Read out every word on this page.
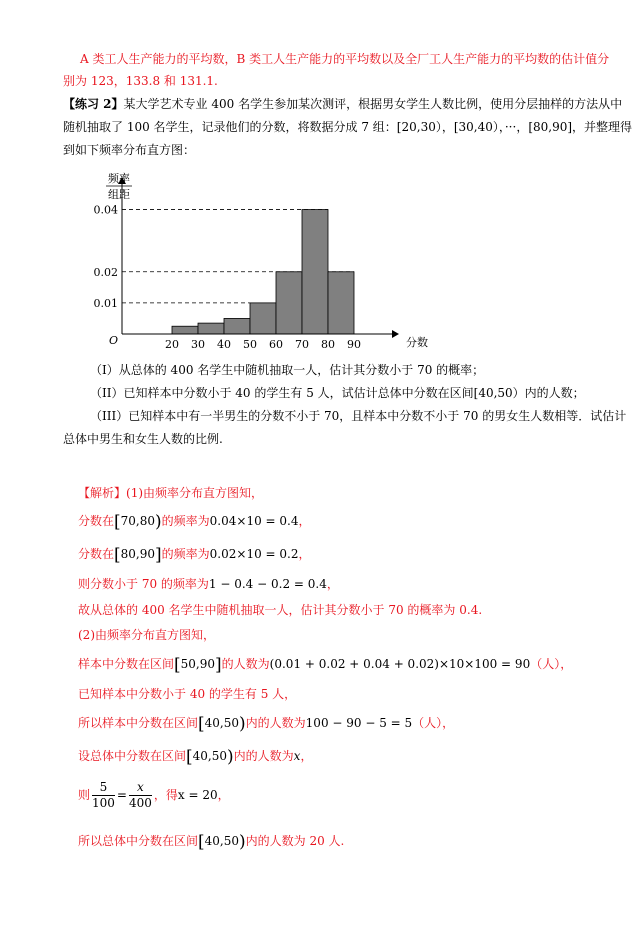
A 类工人生产能力的平均数，B 类工人生产能力的平均数以及全厂工人生产能力的平均数的估计值分
别为 123，133.8 和 131.1.
【练习 2】某大学艺术专业 400 名学生参加某次测评，根据男女学生人数比例，使用分层抽样的方法从中
随机抽取了 100 名学生，记录他们的分数，将数据分成 7 组：[20,30），[30,40），···，[80,90]，并整理得
到如下频率分布直方图：
频率
组距
分数
O
0.01
0.02
0.04
20 30 40 50 60 70 80 90
（I）从总体的 400 名学生中随机抽取一人，估计其分数小于 70 的概率；
（II）已知样本中分数小于 40 的学生有 5 人，试估计总体中分数在区间[40,50）内的人数；
（III）已知样本中有一半男生的分数不小于 70，且样本中分数不小于 70 的男女生人数相等．试估计
总体中男生和女生人数的比例.
【解析】(1)由频率分布直方图知，
分数在[70,80)的频率为0.04×10 = 0.4，
分数在[80,90]的频率为0.02×10 = 0.2，
则分数小于 70 的频率为1 − 0.4 − 0.2 = 0.4，
故从总体的 400 名学生中随机抽取一人，估计其分数小于 70 的概率为 0.4.
(2)由频率分布直方图知，
样本中分数在区间[50,90]的人数为(0.01 + 0.02 + 0.04 + 0.02)×10×100 = 90（人），
已知样本中分数小于 40 的学生有 5 人，
所以样本中分数在区间[40,50)内的人数为100 − 90 − 5 = 5（人），
设总体中分数在区间[40,50)内的人数为x，
则 $\frac{5}{100} = \frac{x}{400}$ ，得x = 20，
所以总体中分数在区间[40,50)内的人数为 20 人.
